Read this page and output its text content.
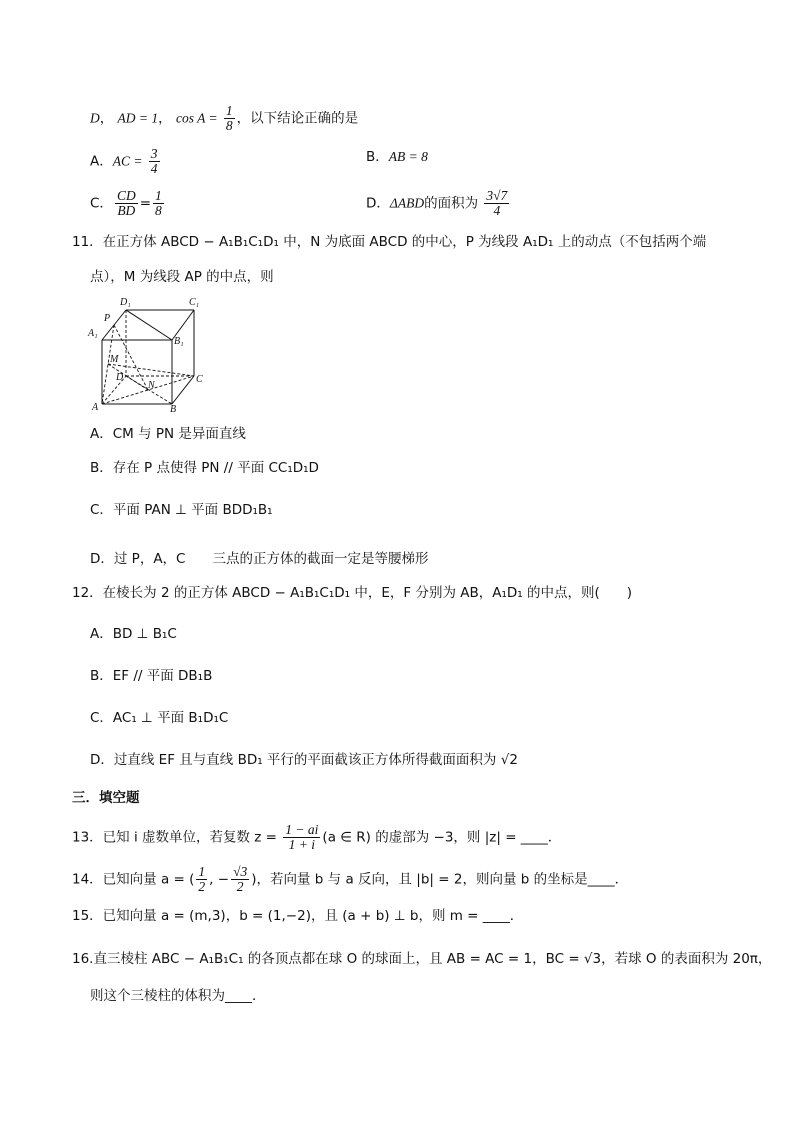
D， AD = 1， $\cos A = \frac{1}{8}$ ，以下结论正确的是
A．AC = $\frac{3}{4}$	B．AB = 8
C． $\frac{CD}{BD} = \frac{1}{8}$	D．ΔABD的面积为 $\frac{3√7}{4}$
11．在正方体 ABCD − A₁B₁C₁D₁ 中，N 为底面 ABCD 的中心，P 为线段 A₁D₁ 上的动点（不包括两个端
点），M 为线段 AP 的中点，则
D₁	C₁
P
A₁
B₁
M
D
N
C
A	B
A．CM 与 PN 是异面直线
B．存在 P 点使得 PN // 平面 CC₁D₁D
C．平面 PAN ⊥ 平面 BDD₁B₁
D．过 P，A，C　　三点的正方体的截面一定是等腰梯形
12．在棱长为 2 的正方体 ABCD − A₁B₁C₁D₁ 中，E，F 分别为 AB，A₁D₁ 的中点，则(　　)
A．BD ⊥ B₁C
B．EF // 平面 DB₁B
C．AC₁ ⊥ 平面 B₁D₁C
D．过直线 EF 且与直线 BD₁ 平行的平面截该正方体所得截面面积为 √2
三．填空题
13．已知 i 虚数单位，若复数 $z = \frac{1 - ai}{1 + i} (a$ ∈ R) 的虚部为 −3，则 |z| = ____．
14．已知向量 a = ( $\frac{1}{2}$ , − $\frac{√3}{2}$ )，若向量 b 与 a 反向，且 |b| = 2，则向量 b 的坐标是____．
15．已知向量 a = (m,3)，b = (1,−2)，且 (a + b) ⊥ b，则 m = ____．
16.直三棱柱 ABC − A₁B₁C₁ 的各顶点都在球 O 的球面上，且 AB = AC = 1，BC = √3，若球 O 的表面积为 20π，
则这个三棱柱的体积为____．
